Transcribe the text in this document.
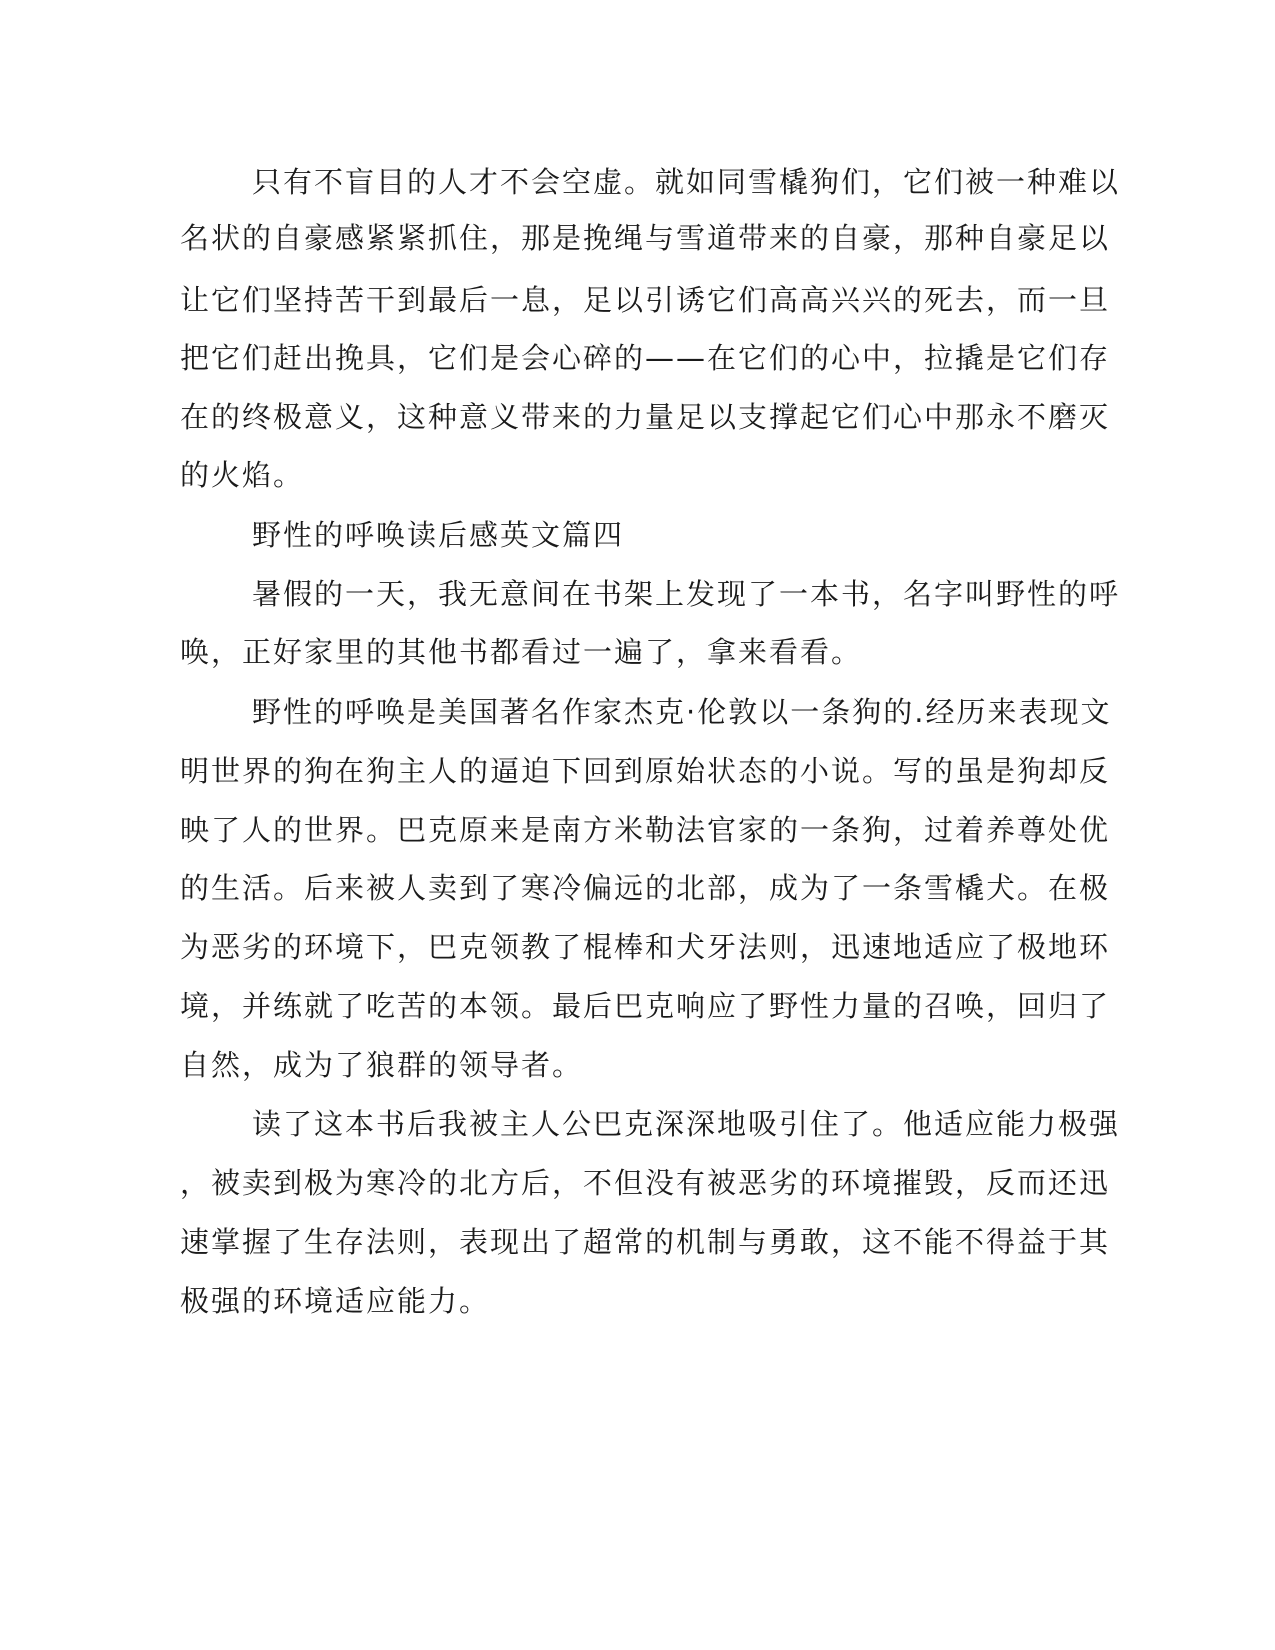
只有不盲目的人才不会空虚。就如同雪橇狗们，它们被一种难以

名状的自豪感紧紧抓住，那是挽绳与雪道带来的自豪，那种自豪足以

让它们坚持苦干到最后一息，足以引诱它们高高兴兴的死去，而一旦

把它们赶出挽具，它们是会心碎的——在它们的心中，拉撬是它们存

在的终极意义，这种意义带来的力量足以支撑起它们心中那永不磨灭

的火焰。

野性的呼唤读后感英文篇四

暑假的一天，我无意间在书架上发现了一本书，名字叫野性的呼

唤，正好家里的其他书都看过一遍了，拿来看看。

野性的呼唤是美国著名作家杰克·伦敦以一条狗的.经历来表现文

明世界的狗在狗主人的逼迫下回到原始状态的小说。写的虽是狗却反

映了人的世界。巴克原来是南方米勒法官家的一条狗，过着养尊处优

的生活。后来被人卖到了寒冷偏远的北部，成为了一条雪橇犬。在极

为恶劣的环境下，巴克领教了棍棒和犬牙法则，迅速地适应了极地环

境，并练就了吃苦的本领。最后巴克响应了野性力量的召唤，回归了

自然，成为了狼群的领导者。

读了这本书后我被主人公巴克深深地吸引住了。他适应能力极强

，被卖到极为寒冷的北方后，不但没有被恶劣的环境摧毁，反而还迅

速掌握了生存法则，表现出了超常的机制与勇敢，这不能不得益于其

极强的环境适应能力。
